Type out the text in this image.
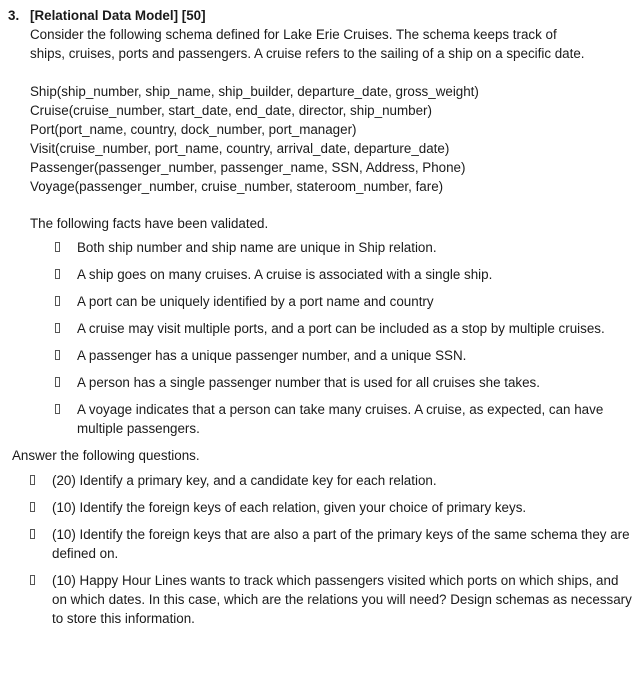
3. [Relational Data Model] [50]

Consider the following schema defined for Lake Erie Cruises. The schema keeps track of ships, cruises, ports and passengers. A cruise refers to the sailing of a ship on a specific date.

Ship(ship_number, ship_name, ship_builder, departure_date, gross_weight)
Cruise(cruise_number, start_date, end_date, director, ship_number)
Port(port_name, country, dock_number, port_manager)
Visit(cruise_number, port_name, country, arrival_date, departure_date)
Passenger(passenger_number, passenger_name, SSN, Address, Phone)
Voyage(passenger_number, cruise_number, stateroom_number, fare)
The following facts have been validated.
Both ship number and ship name are unique in Ship relation.
A ship goes on many cruises. A cruise is associated with a single ship.
A port can be uniquely identified by a port name and country
A cruise may visit multiple ports, and a port can be included as a stop by multiple cruises.
A passenger has a unique passenger number, and a unique SSN.
A person has a single passenger number that is used for all cruises she takes.
A voyage indicates that a person can take many cruises. A cruise, as expected, can have multiple passengers.
Answer the following questions.
(20) Identify a primary key, and a candidate key for each relation.
(10) Identify the foreign keys of each relation, given your choice of primary keys.
(10) Identify the foreign keys that are also a part of the primary keys of the same schema they are defined on.
(10) Happy Hour Lines wants to track which passengers visited which ports on which ships, and on which dates. In this case, which are the relations you will need? Design schemas as necessary to store this information.
